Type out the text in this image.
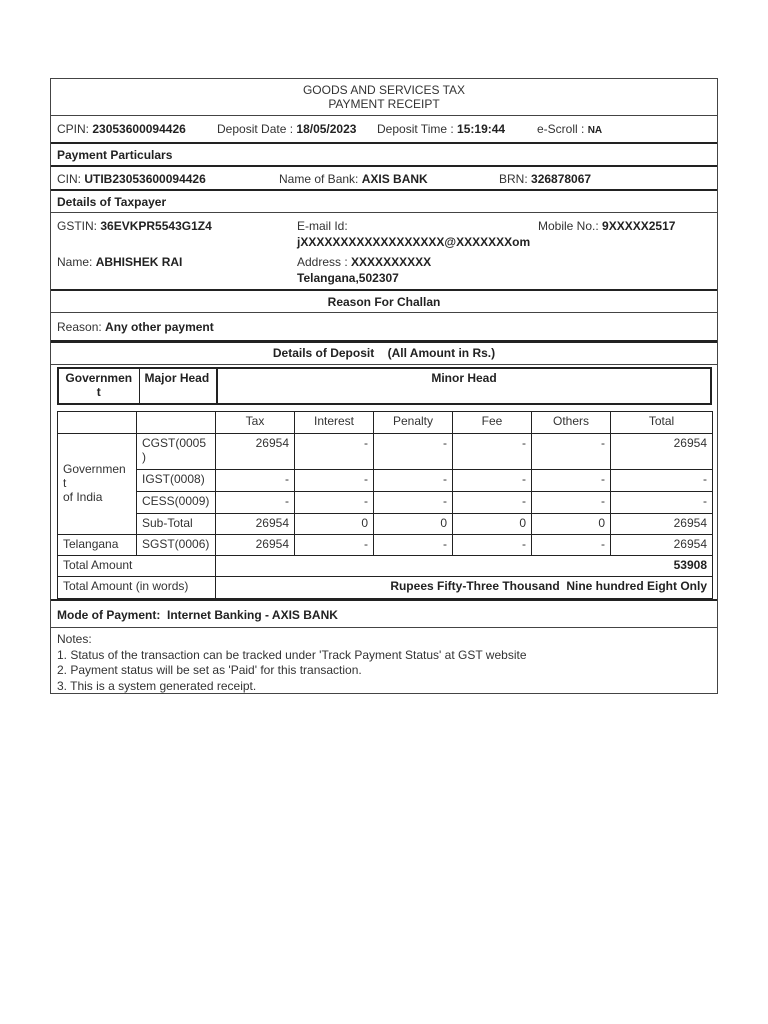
GOODS AND SERVICES TAX
PAYMENT RECEIPT
CPIN: 23053600094426	Deposit Date : 18/05/2023 Deposit Time : 15:19:44	e-Scroll : NA
Payment Particulars
CIN: UTIB23053600094426	Name of Bank: AXIS BANK	BRN: 326878067
Details of Taxpayer
GSTIN: 36EVKPR5543G1Z4	E-mail Id:
jXXXXXXXXXXXXXXXXXX@XXXXXXXom
Mobile No.: 9XXXXX2517
Name: ABHISHEK RAI	Address : XXXXXXXXXX
Telangana,502307
Reason For Challan
Reason: Any other payment
Details of Deposit (All Amount in Rs.)
Governmen
t	Major Head	Minor Head
		Tax	Interest	Penalty	Fee	Others	Total
Governmen
t
of India	CGST(0005
)	26954	-	-	-	-	26954
	IGST(0008)	-	-	-	-	-	-
	CESS(0009)	-	-	-	-	-	-
	Sub-Total	26954	0	0	0	0	26954
Telangana	SGST(0006)	26954	-	-	-	-	26954
Total Amount		53908					
Total Amount (in words)		Rupees Fifty-Three Thousand  Nine hundred Eight Only					
Mode of Payment: Internet Banking - AXIS BANK
Notes:
1. Status of the transaction can be tracked under 'Track Payment Status' at GST website
2. Payment status will be set as 'Paid' for this transaction.
3. This is a system generated receipt.
